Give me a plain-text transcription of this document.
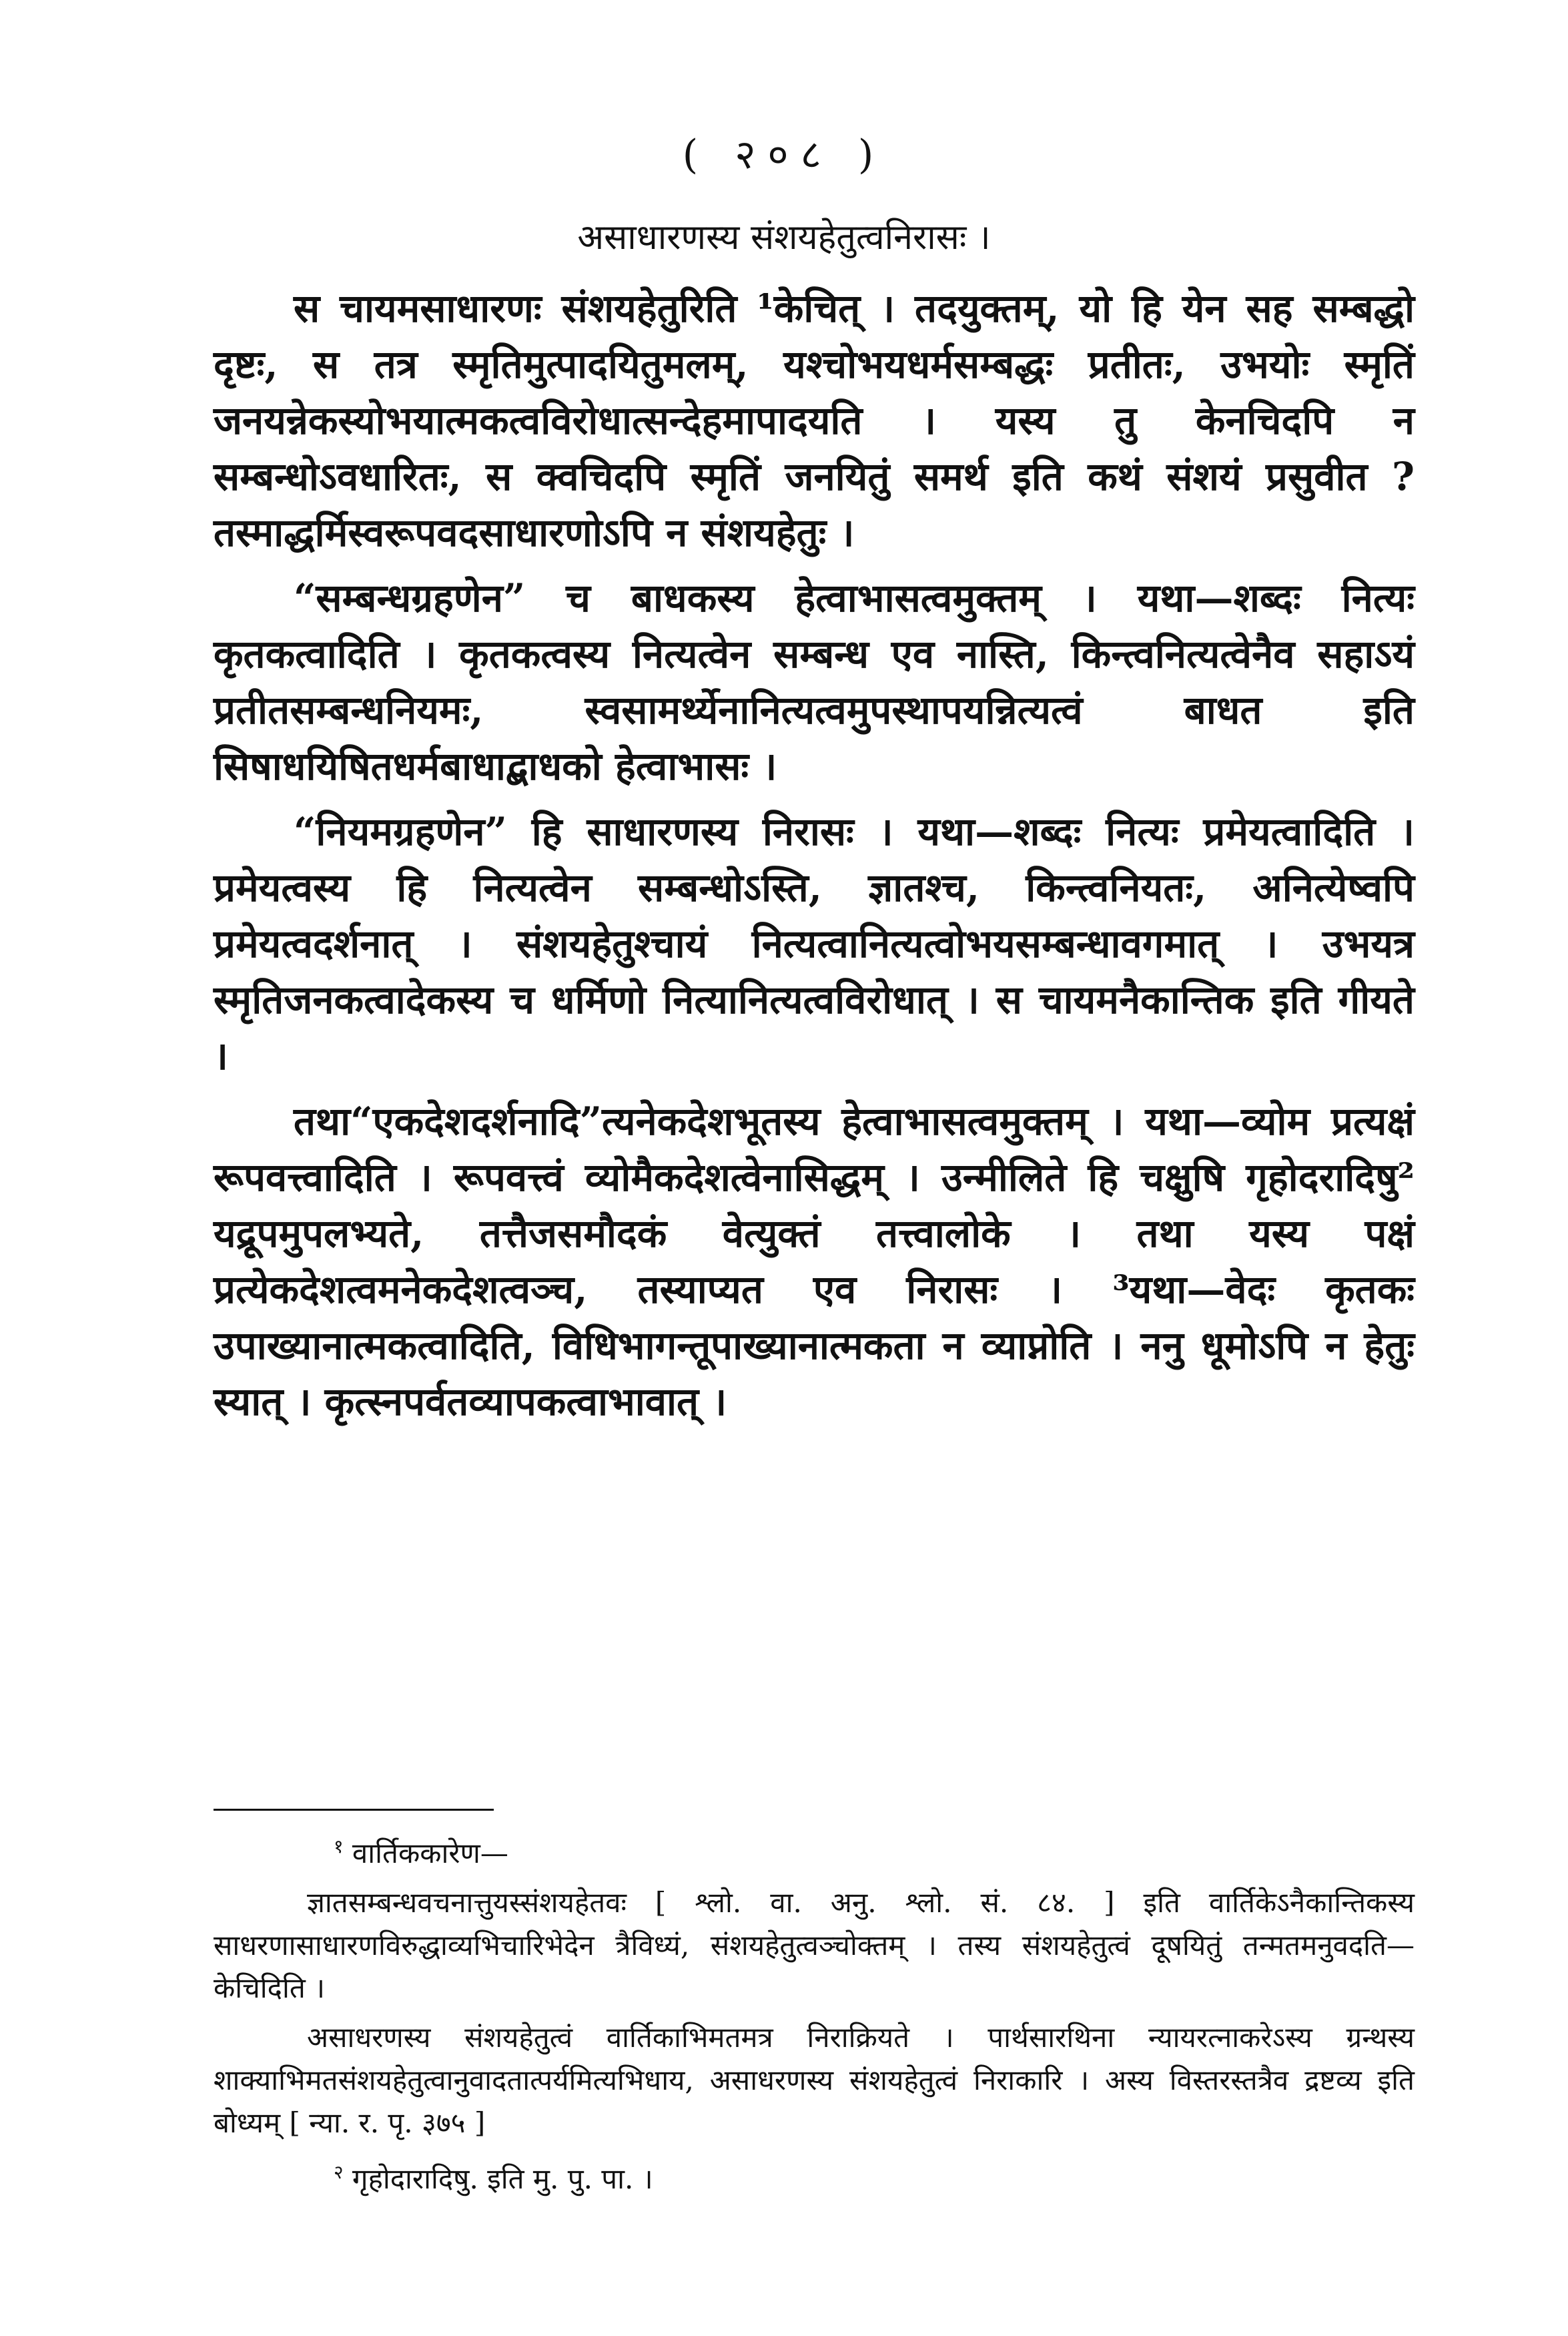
( २०८ )
असाधारणस्य संशयहेतुत्वनिरासः ।

स चायमसाधारणः संशयहेतुरिति ¹केचित् । तदयुक्तम्, यो हि येन सह सम्बद्धो दृष्टः, स तत्र स्मृतिमुत्पादयितुमलम्, यश्चोभयधर्मसम्बद्धः प्रतीतः, उभयोः स्मृतिं जनयन्नेकस्योभयात्मकत्वविरोधात्सन्देहमापादयति । यस्य तु केनचिदपि न सम्बन्धोऽवधारितः, स क्वचिदपि स्मृतिं जनयितुं समर्थ इति कथं संशयं प्रसुवीत ? तस्माद्धर्मिस्वरूपवदसाधारणोऽपि न संशयहेतुः ।

“सम्बन्धग्रहणेन” च बाधकस्य हेत्वाभासत्वमुक्तम् । यथा—शब्दः नित्यः कृतकत्वादिति । कृतकत्वस्य नित्यत्वेन सम्बन्ध एव नास्ति, किन्त्वनित्यत्वेनैव सहाऽयं प्रतीतसम्बन्धनियमः, स्वसामर्थ्येनानित्यत्वमुपस्थापयन्नित्यत्वं बाधत इति सिषाधयिषितधर्मबाधाद्बाधको हेत्वाभासः ।

“नियमग्रहणेन” हि साधारणस्य निरासः । यथा—शब्दः नित्यः प्रमेयत्वादिति । प्रमेयत्वस्य हि नित्यत्वेन सम्बन्धोऽस्ति, ज्ञातश्च, किन्त्वनियतः, अनित्येष्वपि प्रमेयत्वदर्शनात् । संशयहेतुश्चायं नित्यत्वानित्यत्वोभयसम्बन्धावगमात् । उभयत्र स्मृतिजनकत्वादेकस्य च धर्मिणो नित्यानित्यत्वविरोधात् । स चायमनैकान्तिक इति गीयते ।

तथा“एकदेशदर्शनादि”त्यनेकदेशभूतस्य हेत्वाभासत्वमुक्तम् । यथा—व्योम प्रत्यक्षं रूपवत्त्वादिति । रूपवत्त्वं व्योमैकदेशत्वेनासिद्धम् । उन्मीलिते हि चक्षुषि गृहोदरादिषु² यद्रूपमुपलभ्यते, तत्तैजसमौदकं वेत्युक्तं तत्त्वालोके । तथा यस्य पक्षं प्रत्येकदेशत्वमनेकदेशत्वञ्च, तस्याप्यत एव निरासः । ³यथा—वेदः कृतकः उपाख्यानात्मकत्वादिति, विधिभागन्तूपाख्यानात्मकता न व्याप्नोति । ननु धूमोऽपि न हेतुः स्यात् । कृत्स्नपर्वतव्यापकत्वाभावात् ।

$^१$ वार्तिककारेण—

ज्ञातसम्बन्धवचनात्तुयस्संशयहेतवः [ श्लो. वा. अनु. श्लो. सं. ८४. ] इति वार्तिकेऽनैकान्तिकस्य साधरणासाधारणविरुद्धाव्यभिचारिभेदेन त्रैविध्यं, संशयहेतुत्वञ्चोक्तम् । तस्य संशयहेतुत्वं दूषयितुं तन्मतमनुवदति—केचिदिति ।

असाधरणस्य संशयहेतुत्वं वार्तिकाभिमतमत्र निराक्रियते । पार्थसारथिना न्यायरत्नाकरेऽस्य ग्रन्थस्य शाक्याभिमतसंशयहेतुत्वानुवादतात्पर्यमित्यभिधाय, असाधरणस्य संशयहेतुत्वं निराकारि । अस्य विस्तरस्तत्रैव द्रष्टव्य इति बोध्यम् [ न्या. र. पृ. ३७५ ]

$^२$ गृहोदारादिषु. इति मु. पु. पा. ।
